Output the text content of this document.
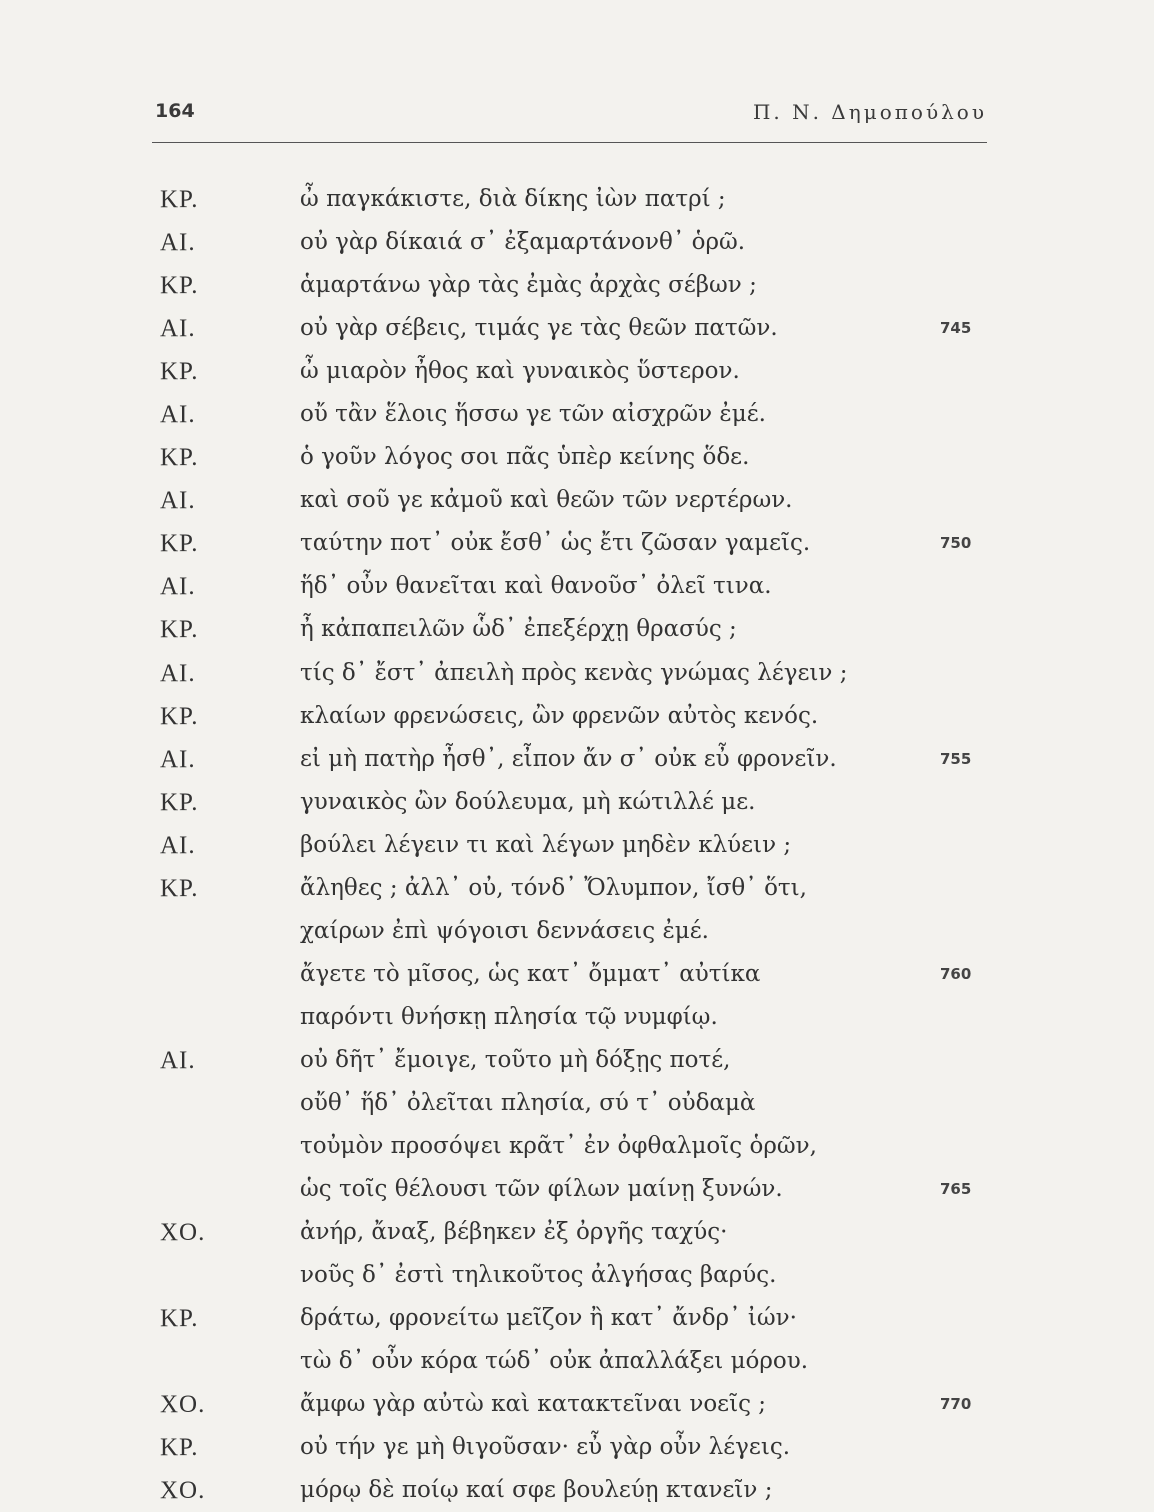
164	Π. Ν. Δημοπούλου
ΚΡ.	ὦ παγκάκιστε, διὰ δίκης ἰὼν πατρί ;
ΑΙ.	οὐ γὰρ δίκαιά σ᾽ ἐξαμαρτάνονθ᾽ ὁρῶ.
ΚΡ.	ἁμαρτάνω γὰρ τὰς ἐμὰς ἀρχὰς σέβων ;
ΑΙ.	οὐ γὰρ σέβεις, τιμάς γε τὰς θεῶν πατῶν.	745
ΚΡ.	ὦ μιαρὸν ἦθος καὶ γυναικὸς ὕστερον.
ΑΙ.	οὔ τἂν ἕλοις ἥσσω γε τῶν αἰσχρῶν ἐμέ.
ΚΡ.	ὁ γοῦν λόγος σοι πᾶς ὑπὲρ κείνης ὅδε.
ΑΙ.	καὶ σοῦ γε κἀμοῦ καὶ θεῶν τῶν νερτέρων.
ΚΡ.	ταύτην ποτ᾽ οὐκ ἔσθ᾽ ὡς ἔτι ζῶσαν γαμεῖς.	750
ΑΙ.	ἥδ᾽ οὖν θανεῖται καὶ θανοῦσ᾽ ὀλεῖ τινα.
ΚΡ.	ἦ κἀπαπειλῶν ὧδ᾽ ἐπεξέρχῃ θρασύς ;
ΑΙ.	τίς δ᾽ ἔστ᾽ ἀπειλὴ πρὸς κενὰς γνώμας λέγειν ;
ΚΡ.	κλαίων φρενώσεις, ὢν φρενῶν αὐτὸς κενός.
ΑΙ.	εἰ μὴ πατὴρ ἦσθ᾽, εἶπον ἄν σ᾽ οὐκ εὖ φρονεῖν.	755
ΚΡ.	γυναικὸς ὢν δούλευμα, μὴ κώτιλλέ με.
ΑΙ.	βούλει λέγειν τι καὶ λέγων μηδὲν κλύειν ;
ΚΡ.	ἄληθες ; ἀλλ᾽ οὐ, τόνδ᾽ Ὄλυμπον, ἴσθ᾽ ὅτι,
χαίρων ἐπὶ ψόγοισι δεννάσεις ἐμέ.
ἄγετε τὸ μῖσος, ὡς κατ᾽ ὄμματ᾽ αὐτίκα	760
παρόντι θνήσκῃ πλησία τῷ νυμφίῳ.
ΑΙ.	οὐ δῆτ᾽ ἔμοιγε, τοῦτο μὴ δόξῃς ποτέ,
οὔθ᾽ ἥδ᾽ ὀλεῖται πλησία, σύ τ᾽ οὐδαμὰ
τοὐμὸν προσόψει κρᾶτ᾽ ἐν ὀφθαλμοῖς ὁρῶν,
ὡς τοῖς θέλουσι τῶν φίλων μαίνῃ ξυνών.	765
ΧΟ.	ἀνήρ, ἄναξ, βέβηκεν ἐξ ὀργῆς ταχύς·
νοῦς δ᾽ ἐστὶ τηλικοῦτος ἀλγήσας βαρύς.
ΚΡ.	δράτω, φρονείτω μεῖζον ἢ κατ᾽ ἄνδρ᾽ ἰών·
τὼ δ᾽ οὖν κόρα τώδ᾽ οὐκ ἀπαλλάξει μόρου.
ΧΟ.	ἄμφω γὰρ αὐτὼ καὶ κατακτεῖναι νοεῖς ;	770
ΚΡ.	οὐ τήν γε μὴ θιγοῦσαν· εὖ γὰρ οὖν λέγεις.
ΧΟ.	μόρῳ δὲ ποίῳ καί σφε βουλεύῃ κτανεῖν ;
